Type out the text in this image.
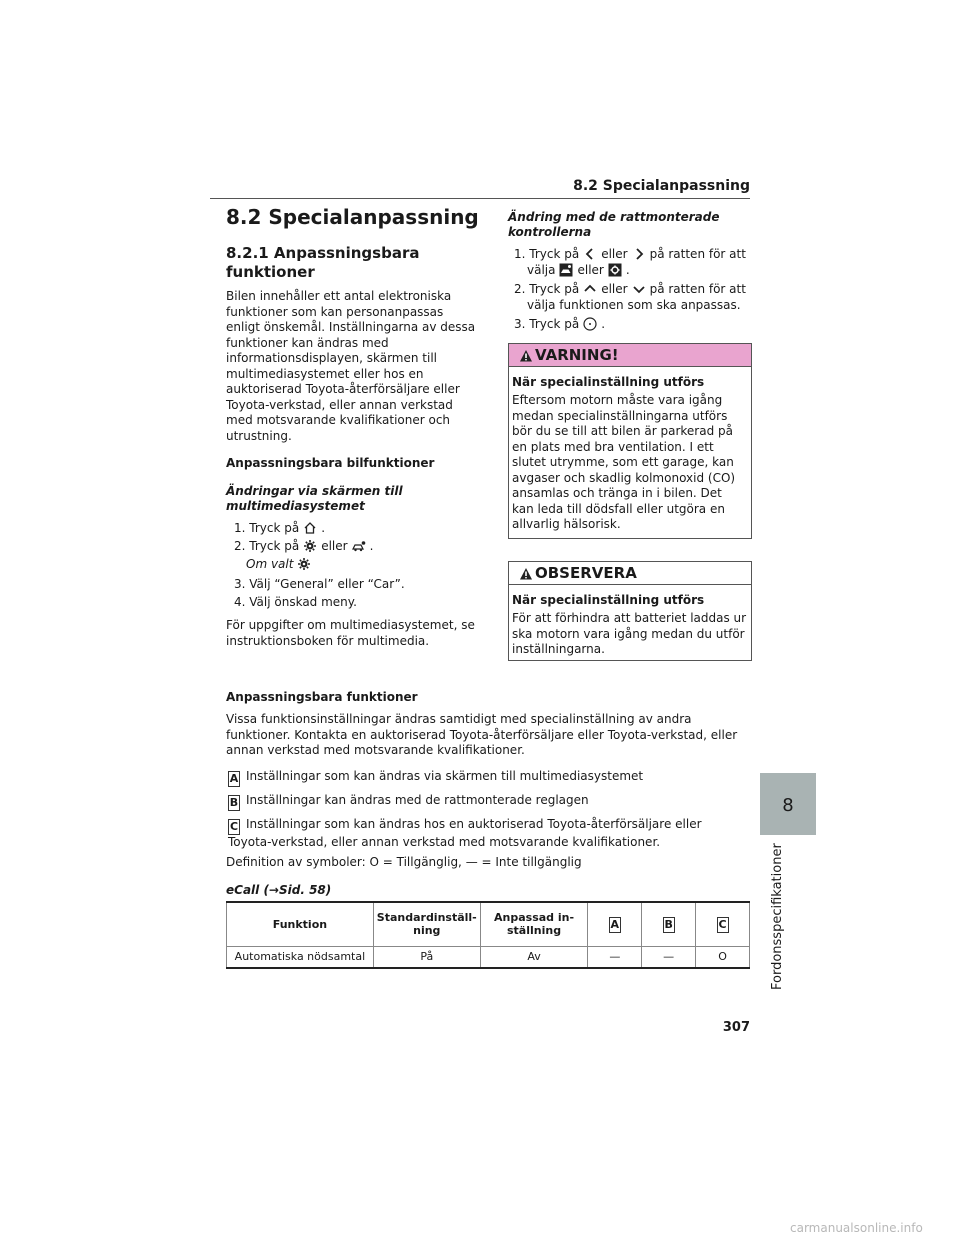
8.2 Specialanpassning
8.2 Specialanpassning
8.2.1 Anpassningsbara funktioner
Bilen innehåller ett antal elektroniska funktioner som kan personanpassas enligt önskemål. Inställningarna av dessa funktioner kan ändras med informationsdisplayen, skärmen till multimediasystemet eller hos en auktoriserad Toyota-återförsäljare eller Toyota-verkstad, eller annan verkstad med motsvarande kvalifikationer och utrustning.
Anpassningsbara bilfunktioner
Ändringar via skärmen till multimediasystemet
1. Tryck på .
2. Tryck på eller .
Om valt
3. Välj “General” eller “Car”.
4. Välj önskad meny.
För uppgifter om multimediasystemet, se instruktionsboken för multimedia.
Ändring med de rattmonterade kontrollerna
1. Tryck på eller på ratten för att
välja eller .
2. Tryck på eller på ratten för att
välja funktionen som ska anpassas.
3. Tryck på .
VARNING!
När specialinställning utförs
Eftersom motorn måste vara igång medan specialinställningarna utförs bör du se till att bilen är parkerad på en plats med bra ventilation. I ett slutet utrymme, som ett garage, kan avgaser och skadlig kolmonoxid (CO) ansamlas och tränga in i bilen. Det kan leda till dödsfall eller utgöra en allvarlig hälsorisk.
OBSERVERA
När specialinställning utförs
För att förhindra att batteriet laddas ur ska motorn vara igång medan du utför inställningarna.
Anpassningsbara funktioner
Vissa funktionsinställningar ändras samtidigt med specialinställning av andra funktioner. Kontakta en auktoriserad Toyota-återförsäljare eller Toyota-verkstad, eller annan verkstad med motsvarande kvalifikationer.
A Inställningar som kan ändras via skärmen till multimediasystemet
B Inställningar kan ändras med de rattmonterade reglagen
C Inställningar som kan ändras hos en auktoriserad Toyota-återförsäljare eller Toyota-verkstad, eller annan verkstad med motsvarande kvalifikationer.
Definition av symboler: O = Tillgänglig, — = Inte tillgänglig
eCall (→Sid. 58)
Funktion	Standardinställ-ning	Anpassad in-ställning	A	B	C
Automatiska nödsamtal	På	Av	—	—	O
8
Fordonsspecifikationer
307
carmanualsonline.info
